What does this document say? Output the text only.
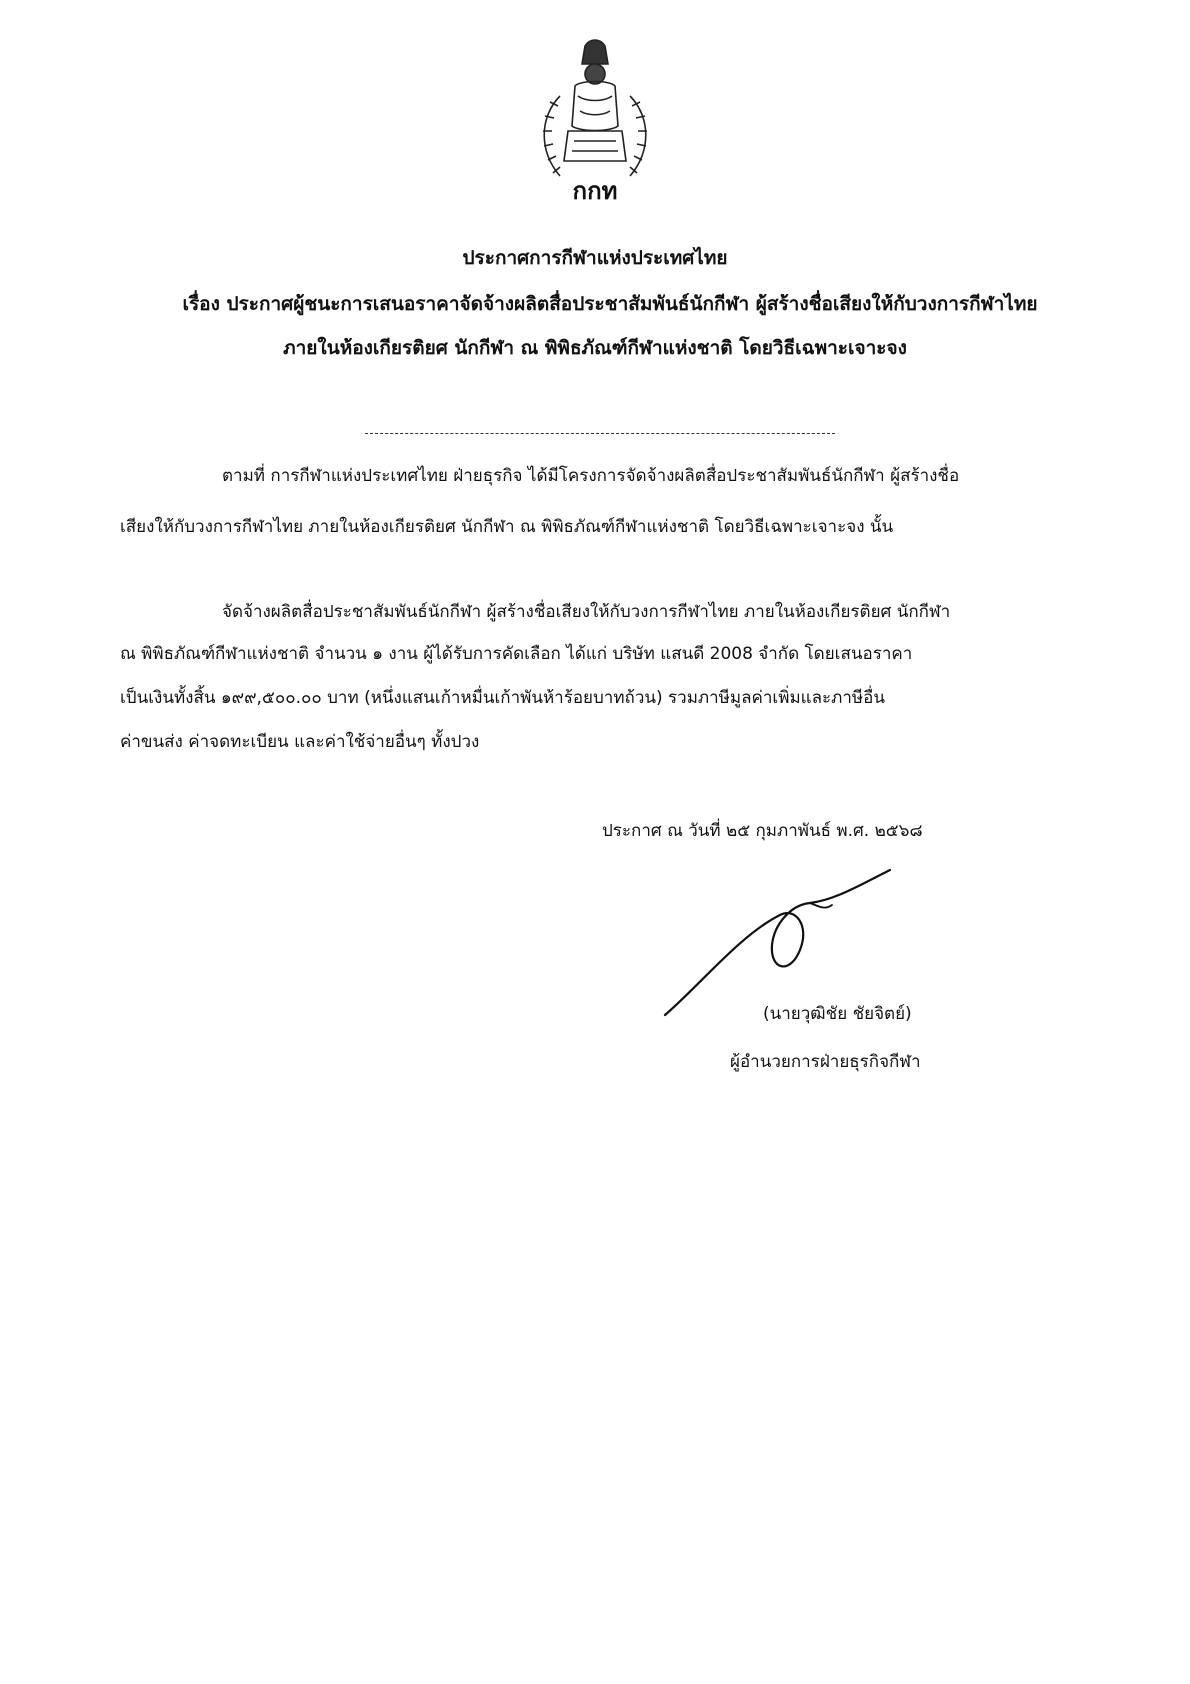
กกท
ประกาศการกีฬาแห่งประเทศไทย
เรื่อง ประกาศผู้ชนะการเสนอราคาจัดจ้างผลิตสื่อประชาสัมพันธ์นักกีฬา ผู้สร้างชื่อเสียงให้กับวงการกีฬาไทย
ภายในห้องเกียรติยศ นักกีฬา ณ พิพิธภัณฑ์กีฬาแห่งชาติ โดยวิธีเฉพาะเจาะจง
ตามที่ การกีฬาแห่งประเทศไทย ฝ่ายธุรกิจ ได้มีโครงการจัดจ้างผลิตสื่อประชาสัมพันธ์นักกีฬา ผู้สร้างชื่อ
เสียงให้กับวงการกีฬาไทย ภายในห้องเกียรติยศ นักกีฬา ณ พิพิธภัณฑ์กีฬาแห่งชาติ โดยวิธีเฉพาะเจาะจง นั้น
จัดจ้างผลิตสื่อประชาสัมพันธ์นักกีฬา ผู้สร้างชื่อเสียงให้กับวงการกีฬาไทย ภายในห้องเกียรติยศ นักกีฬา
ณ พิพิธภัณฑ์กีฬาแห่งชาติ จำนวน ๑ งาน ผู้ได้รับการคัดเลือก ได้แก่ บริษัท แสนดี 2008 จำกัด โดยเสนอราคา
เป็นเงินทั้งสิ้น ๑๙๙,๕๐๐.๐๐ บาท (หนึ่งแสนเก้าหมื่นเก้าพันห้าร้อยบาทถ้วน) รวมภาษีมูลค่าเพิ่มและภาษีอื่น
ค่าขนส่ง ค่าจดทะเบียน และค่าใช้จ่ายอื่นๆ ทั้งปวง
ประกาศ ณ วันที่ ๒๕ กุมภาพันธ์ พ.ศ. ๒๕๖๘
(นายวุฒิชัย ชัยจิตย์)
ผู้อำนวยการฝ่ายธุรกิจกีฬา
